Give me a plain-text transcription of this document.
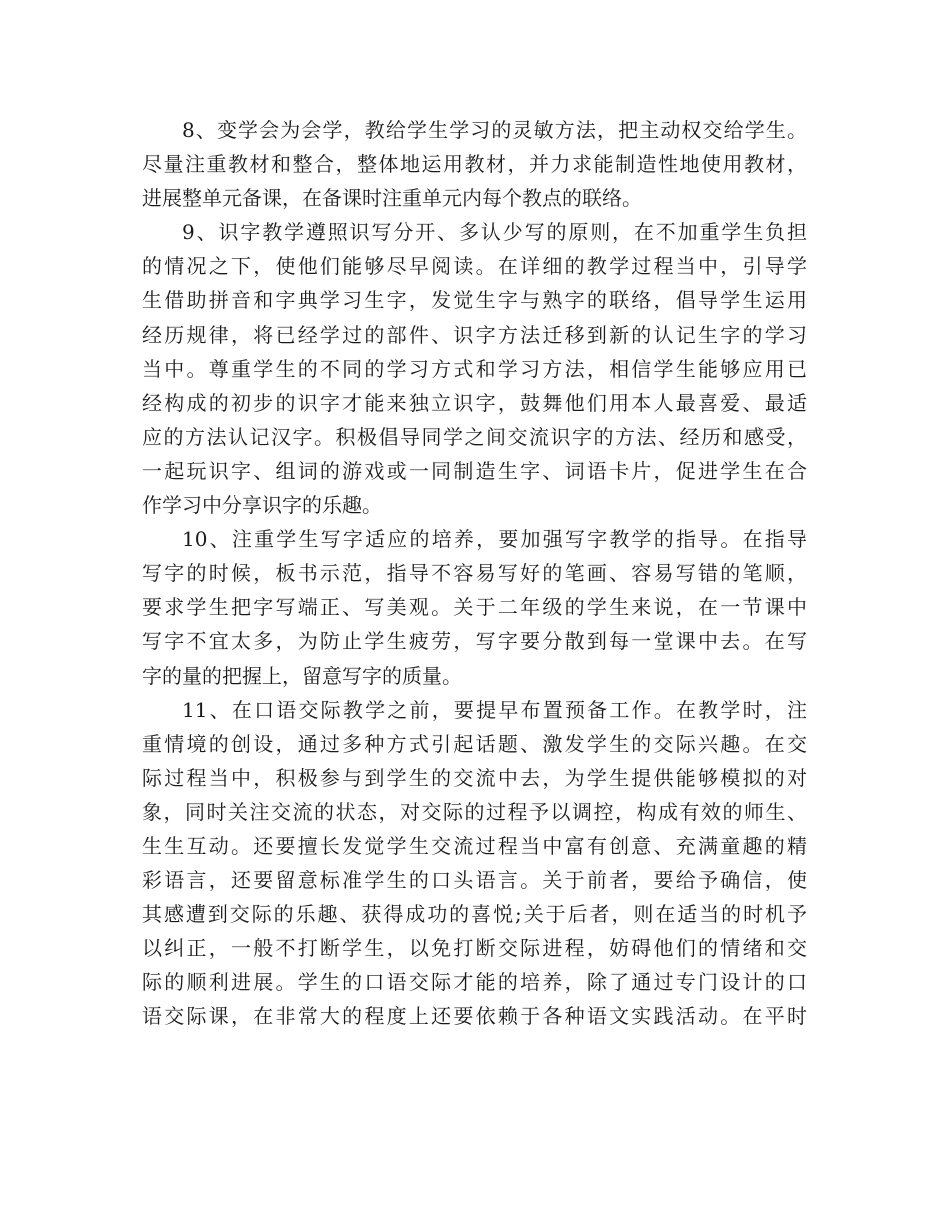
8、变学会为会学，教给学生学习的灵敏方法，把主动权交给学生。
尽量注重教材和整合，整体地运用教材，并力求能制造性地使用教材，
进展整单元备课，在备课时注重单元内每个教点的联络。
9、识字教学遵照识写分开、多认少写的原则，在不加重学生负担
的情况之下，使他们能够尽早阅读。在详细的教学过程当中，引导学
生借助拼音和字典学习生字，发觉生字与熟字的联络，倡导学生运用
经历规律，将已经学过的部件、识字方法迁移到新的认记生字的学习
当中。尊重学生的不同的学习方式和学习方法，相信学生能够应用已
经构成的初步的识字才能来独立识字，鼓舞他们用本人最喜爱、最适
应的方法认记汉字。积极倡导同学之间交流识字的方法、经历和感受，
一起玩识字、组词的游戏或一同制造生字、词语卡片，促进学生在合
作学习中分享识字的乐趣。
10、注重学生写字适应的培养，要加强写字教学的指导。在指导
写字的时候，板书示范，指导不容易写好的笔画、容易写错的笔顺，
要求学生把字写端正、写美观。关于二年级的学生来说，在一节课中
写字不宜太多，为防止学生疲劳，写字要分散到每一堂课中去。在写
字的量的把握上，留意写字的质量。
11、在口语交际教学之前，要提早布置预备工作。在教学时，注
重情境的创设，通过多种方式引起话题、激发学生的交际兴趣。在交
际过程当中，积极参与到学生的交流中去，为学生提供能够模拟的对
象，同时关注交流的状态，对交际的过程予以调控，构成有效的师生、
生生互动。还要擅长发觉学生交流过程当中富有创意、充满童趣的精
彩语言，还要留意标准学生的口头语言。关于前者，要给予确信，使
其感遭到交际的乐趣、获得成功的喜悦;关于后者，则在适当的时机予
以纠正，一般不打断学生，以免打断交际进程，妨碍他们的情绪和交
际的顺利进展。学生的口语交际才能的培养，除了通过专门设计的口
语交际课，在非常大的程度上还要依赖于各种语文实践活动。在平时
